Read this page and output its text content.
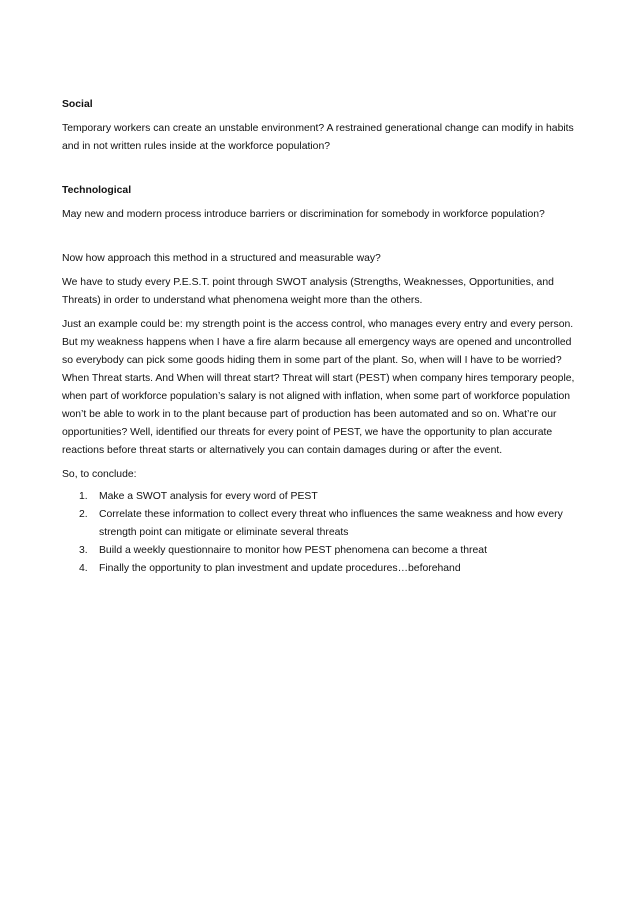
Social

Temporary workers can create an unstable environment? A restrained generational change can modify in habits and in not written rules inside at the workforce population?

Technological

May new and modern process introduce barriers or discrimination for somebody in workforce population?

Now how approach this method in a structured and measurable way?

We have to study every P.E.S.T. point through SWOT analysis (Strengths, Weaknesses, Opportunities, and Threats) in order to understand what phenomena weight more than the others.

Just an example could be: my strength point is the access control, who manages every entry and every person. But my weakness happens when I have a fire alarm because all emergency ways are opened and uncontrolled so everybody can pick some goods hiding them in some part of the plant. So, when will I have to be worried? When Threat starts. And When will threat start? Threat will start (PEST) when company hires temporary people, when part of workforce population’s salary is not aligned with inflation, when some part of workforce population won’t be able to work in to the plant because part of production has been automated and so on. What’re our opportunities? Well, identified our threats for every point of PEST, we have the opportunity to plan accurate reactions before threat starts or alternatively you can contain damages during or after the event.

So, to conclude:

1. Make a SWOT analysis for every word of PEST
2. Correlate these information to collect every threat who influences the same weakness and how every strength point can mitigate or eliminate several threats
3. Build a weekly questionnaire to monitor how PEST phenomena can become a threat
4. Finally the opportunity to plan investment and update procedures…beforehand
